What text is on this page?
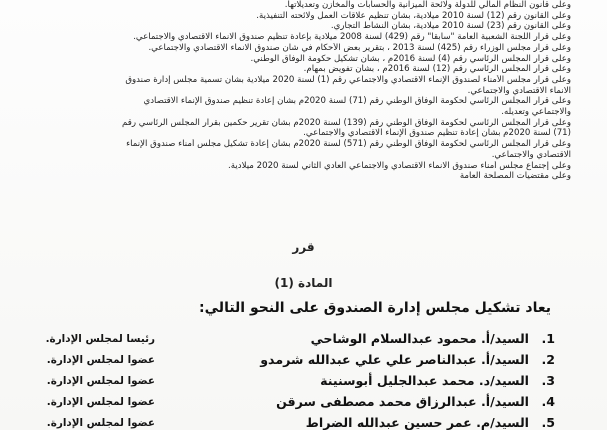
وعلى قانون النظام المالي للدولة ولائحة الميزانية والحسابات والمخازن وتعديلاتها.
وعلى القانون رقم (12) لسنة 2010 ميلادية، بشأن تنظيم علاقات العمل ولائحته التنفيذية.
وعلى القانون رقم (23) لسنة 2010 ميلادية، بشأن النشاط التجاري.
وعلى قرار اللجنة الشعبية العامة "سابقاً" رقم (429) لسنة 2008 ميلادية بإعادة تنظيم صندوق الانماء الاقتصادي والاجتماعي.
وعلى قرار مجلس الوزراء رقم (425) لسنة 2013 ، بتقرير بعض الأحكام في شأن صندوق الانماء الاقتصادي والاجتماعي.
وعلى قرار المجلس الرئاسي رقم (4) لسنة 2016م ، بشأن تشكيل حكومة الوفاق الوطني.
وعلى قرار المجلس الرئاسي رقم (12) لسنة 2016م ، بشأن تفويض بمهام.
وعلى قرار مجلس الأمناء لصندوق الإنماء الاقتصادي والاجتماعي رقم (1) لسنة 2020 ميلادية بشأن تسمية مجلس إدارة صندوق
الانماء الاقتصادي والاجتماعي.
وعلى قرار المجلس الرئاسي لحكومة الوفاق الوطني رقم (71) لسنة 2020م بشأن إعادة تنظيم صندوق الإنماء الاقتصادي
والاجتماعي وتعديله.
وعلى قرار المجلس الرئاسي لحكومة الوفاق الوطني رقم (139) لسنة 2020م بشأن تقرير حكمين بقرار المجلس الرئاسي رقم
(71) لسنة 2020م بشأن إعادة تنظيم صندوق الإنماء الاقتصادي والاجتماعي.
وعلى قرار المجلس الرئاسي لحكومة الوفاق الوطني رقم (571) لسنة 2020م بشأن إعادة تشكيل مجلس أمناء صندوق الإنماء
الاقتصادي والاجتماعي.
وعلى إجتماع مجلس أمناء صندوق الانماء الاقتصادي والاجتماعي العادي الثاني لسنة 2020 ميلادية.
وعلى مقتضيات المصلحة العامة
قرر
المادة (1)
يعاد تشكيل مجلس إدارة الصندوق على النحو التالي:
1.
السيد/أ. محمود عبدالسلام الوشاحي
رئيسا لمجلس الإدارة.
2.
السيد/أ. عبدالناصر علي علي عبدالله شرمدو
عضوا لمجلس الإدارة.
3.
السيد/د. محمد عبدالجليل أبوسنينة
عضوا لمجلس الإدارة.
4.
السيد/أ. عبدالرزاق محمد مصطفى سرقن
عضوا لمجلس الإدارة.
5.
السيد/م. عمر حسين عبدالله الضراط
عضوا لمجلس الإدارة.
